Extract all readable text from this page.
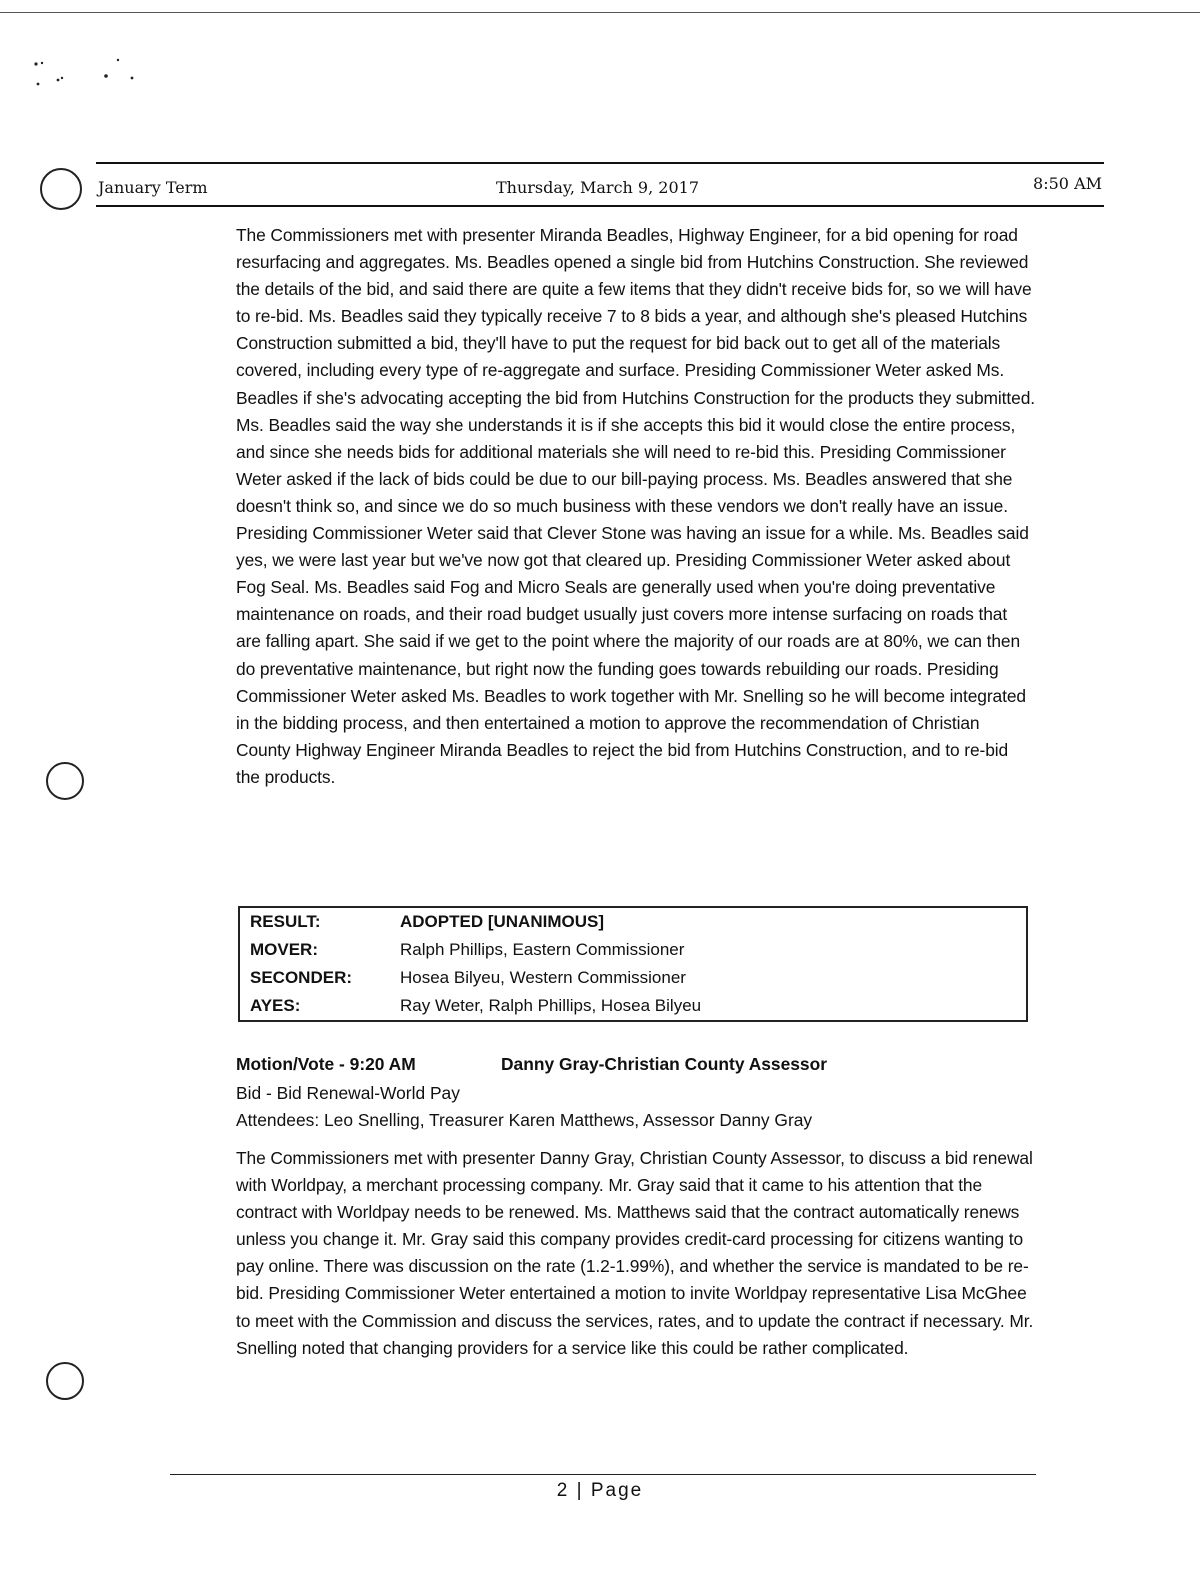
January Term	Thursday, March 9, 2017	8:50 AM

The Commissioners met with presenter Miranda Beadles, Highway Engineer, for a bid opening for road resurfacing and aggregates. Ms. Beadles opened a single bid from Hutchins Construction. She reviewed the details of the bid, and said there are quite a few items that they didn't receive bids for, so we will have to re-bid. Ms. Beadles said they typically receive 7 to 8 bids a year, and although she's pleased Hutchins Construction submitted a bid, they'll have to put the request for bid back out to get all of the materials covered, including every type of re-aggregate and surface. Presiding Commissioner Weter asked Ms. Beadles if she's advocating accepting the bid from Hutchins Construction for the products they submitted. Ms. Beadles said the way she understands it is if she accepts this bid it would close the entire process, and since she needs bids for additional materials she will need to re-bid this. Presiding Commissioner Weter asked if the lack of bids could be due to our bill-paying process. Ms. Beadles answered that she doesn't think so, and since we do so much business with these vendors we don't really have an issue. Presiding Commissioner Weter said that Clever Stone was having an issue for a while. Ms. Beadles said yes, we were last year but we've now got that cleared up. Presiding Commissioner Weter asked about Fog Seal. Ms. Beadles said Fog and Micro Seals are generally used when you're doing preventative maintenance on roads, and their road budget usually just covers more intense surfacing on roads that are falling apart. She said if we get to the point where the majority of our roads are at 80%, we can then do preventative maintenance, but right now the funding goes towards rebuilding our roads. Presiding Commissioner Weter asked Ms. Beadles to work together with Mr. Snelling so he will become integrated in the bidding process, and then entertained a motion to approve the recommendation of Christian County Highway Engineer Miranda Beadles to reject the bid from Hutchins Construction, and to re-bid the products.

RESULT:	ADOPTED [UNANIMOUS]
MOVER:	Ralph Phillips, Eastern Commissioner
SECONDER:	Hosea Bilyeu, Western Commissioner
AYES:	Ray Weter, Ralph Phillips, Hosea Bilyeu
Motion/Vote - 9:20 AM	Danny Gray-Christian County Assessor
Bid - Bid Renewal-World Pay
Attendees: Leo Snelling, Treasurer Karen Matthews, Assessor Danny Gray

The Commissioners met with presenter Danny Gray, Christian County Assessor, to discuss a bid renewal with Worldpay, a merchant processing company. Mr. Gray said that it came to his attention that the contract with Worldpay needs to be renewed. Ms. Matthews said that the contract automatically renews unless you change it. Mr. Gray said this company provides credit-card processing for citizens wanting to pay online. There was discussion on the rate (1.2-1.99%), and whether the service is mandated to be re-bid. Presiding Commissioner Weter entertained a motion to invite Worldpay representative Lisa McGhee to meet with the Commission and discuss the services, rates, and to update the contract if necessary. Mr. Snelling noted that changing providers for a service like this could be rather complicated.

2 | Page
